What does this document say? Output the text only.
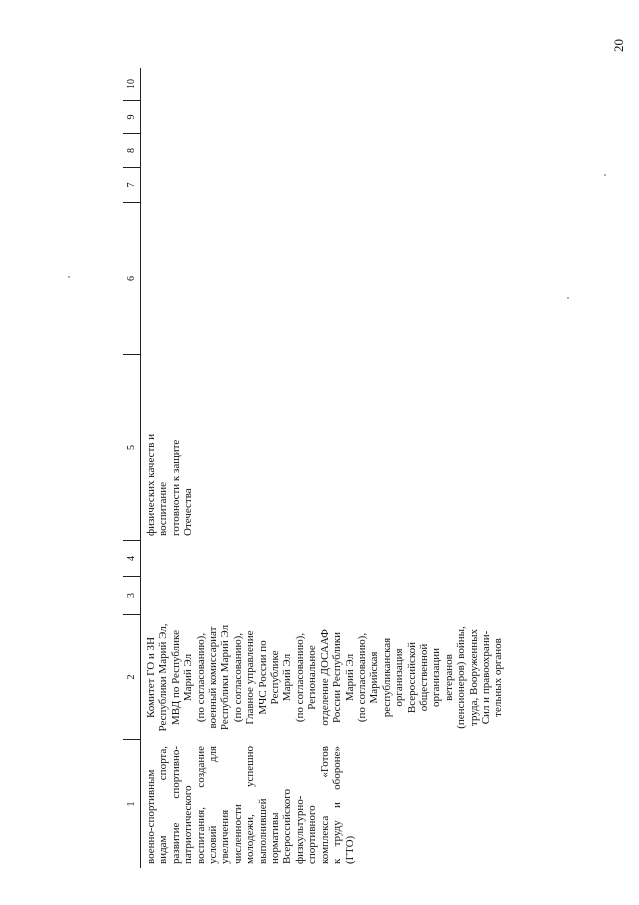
20
1
2
3
4
5
6
7
8
9
10
военно-спортивным видам спорта, развитие спортивно- патриотического воспитания, создание условий для увеличения численности молодежи, успешно выполнившей нормативы Всероссийского физкультурно- спортивного комплекса «Готов к труду и обороне» (ГТО)
Комитет ГО и ЗН Республики Марий Эл, МВД по Республике Марий Эл (по согласованию), военный комиссариат Республики Марий Эл (по согласованию), Главное управление МЧС России по Республике Марий Эл (по согласованию), Региональное отделение ДОСААФ России Республики Марий Эл (по согласованию), Марийская республиканская организация Всероссийской общественной организации ветеранов (пенсионеров) войны, труда, Вооруженных Сил и правоохрани- тельных органов
физических качеств и воспитание готовности к защите Отечества
